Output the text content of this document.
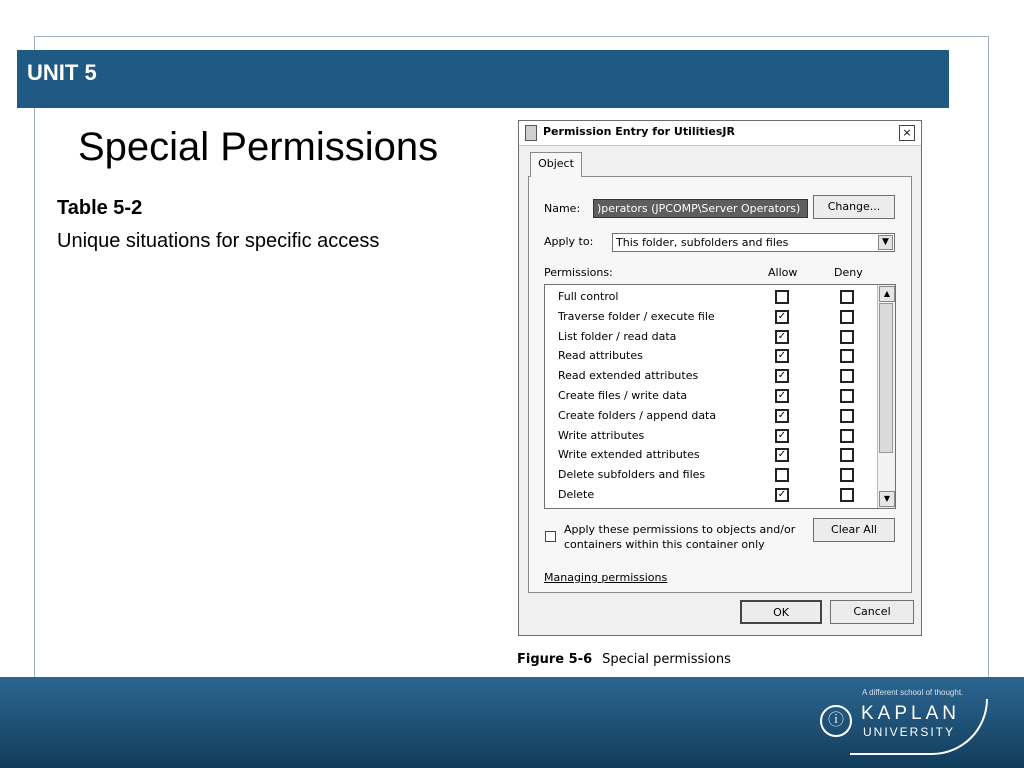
UNIT 5
Special Permissions
Table 5-2
Unique situations for specific access
Permission Entry for UtilitiesJR	×
Object
Name:	)perators (JPCOMP\Server Operators)	Change...
Apply to:	This folder, subfolders and files	▼
Permissions:	Allow	Deny
Full control
Traverse folder / execute file	✓
List folder / read data	✓
Read attributes	✓
Read extended attributes	✓
Create files / write data	✓
Create folders / append data	✓
Write attributes	✓
Write extended attributes	✓
Delete subfolders and files
Delete	✓
▲
▼
Apply these permissions to objects and/or
containers within this container only
Clear All
Managing permissions
OK	Cancel
Figure 5-6 Special permissions
A different school of thought.
ⓘ KAPLAN
UNIVERSITY
